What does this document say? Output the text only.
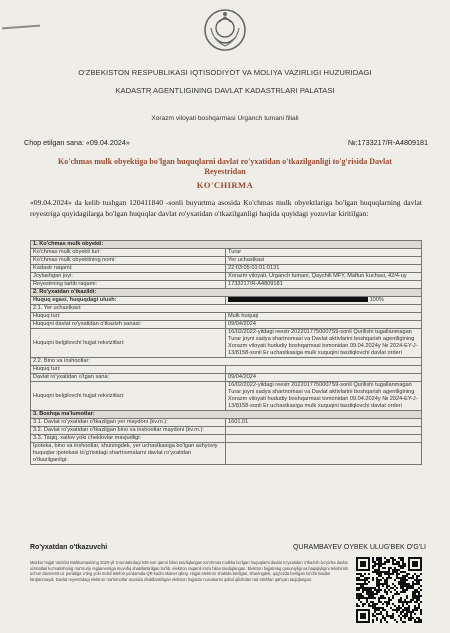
O'ZBEKISTON RESPUBLIKASI IQTISODIYOT VA MOLIYA VAZIRLIGI HUZURIDAGI
KADASTR AGENTLIGINING DAVLAT KADASTRLARI PALATASI
Xorazm viloyati boshqarmasi Urganch tumani filiali
Chop etilgan sana: «09.04.2024»	№:1733217/R-A4809181
Ko'chmas mulk obyektiga bo'lgan huquqlarni davlat ro'yxatidan o'tkazilganligi to'g'risida Davlat Reyestridan
KO'CHIRMA
«09.04.2024» da kelib tushgan 120411840 -sonli buyurtma asosida Ko'chmas mulk obyektlariga bo'lgan huquqlarning davlat reyestriga quyidagilarga bo'lgan huquqlar davlat ro'yxatidan o'tkazilganligi haqida quyidagi yozuvlar kiritilgan:
1. Ko'chmas mulk obyekti:	
Ko'chmas mulk obyekti turi:	Turar
Ko'chmas mulk obyektining nomi:	Yer uchastkasi
Kadastr raqami:	22:03:05:01:01:0131
Joylashgan joyi:	Xorazm viloyati, Urganch tumani, Qaychili MFY, Maftun kuchasi, 42/4-uy
Reyestrning tartib raqami:	1733217/R-A4809181
2. Ro'yxatdan o'tkazildi:	
Huquq egasi, huquqdagi ulush:	100%
2.1. Yer uchastkasi:	
Huquq turi:	Mulk huquqi
Huquqni davlat ro'yxatidan o'tkazish sanasi:	09/04/2024
Huquqni belgilovchi hujjat rekvizitlari:	16/02/2022-yildagi reestr 2022017750007S9-sonli Qurilishi tugallanmagan Turar joyni sadya shartnomasi va Davlat aktivlarini boshqarish agentligining Xorazm viloyati hududiy boshqarmasi tomonidan 09.04.2024y № 2024-EY-J-13/8158-sonli Er uchastkasiga mulk xuquqini tasdiqlovchi davlat orderi
2.2. Bino va inshootlar:	
Huquq turi:	
Davlat ro'yxatidan o'tgan sana:	09/04/2024
Huquqni belgilovchi hujjat rekvizitlari:	16/02/2022-yildagi reestr 2022017750007S9-sonli Qurilishi tugallanmagan Turar joyni sadya shartnomasi va Davlat aktivlarini boshqarish agentligining Xorazm viloyati hududiy boshqarmasi tomonidan 09.04.2024y № 2024-EY-J-13/8158-sonli Er uchastkasiga mulk xuquqini tasdiqlovchi davlat orderi
3. Boshqa ma'lumotlar:	
3.1. Davlat ro'yxatidan o'tkazilgan yer maydoni (kv.m.):	1601.01
3.2. Davlat ro'yxatidan o'tkazilgan bino va inshootlar maydoni (kv.m.):	
3.3. Taqiq, xatlov yoki cheklovlar mavjudligi:	
Ipoteka, bino va inshootlar, shuningdek, yer uchastkasiga bo'lgan ashyoviy huquqlar ipotekasi to'g'risidagi shartnomalarni davlat ro'yxatidan o'tkazilganligi:	
Ro'yxatdan o'tkazuvchi	QURAMBAYEV OYBEK ULUG'BEK O'G'LI
Mazkur hujjat Vazirlar Mahkamasining 2020-yil 2-sentabrdagi 535-son qarori bilan tasdiqlangan Ko'chmas mulkka bo'lgan huquqlarni davlat ro'yxatidan o'tkazish bo'yicha davlat xizmatlari ko'rsatishning ma'muriy reglamentiga muvofiq shakllantirilgan bo'lib, elektron raqamli imzo bilan tasdiqlangan. Elektron hujjatning qonuniyligi va haqiqiyligini tekshirish uchun davreestr.uz portaliga o'ting yoki mobil telefon yordamida QR-kodni skaner qiling. Hujjat elektron shaklda berilgan, shuningdek, qog'ozda berilgan ko'chirmadan farqlanmaydi. Davlat reyestridagi elektron ma'lumotlar asosida shakllantirilgan elektron hujjatlar nusxalarini qabul qilishdan rad etishlari qat'iyan taqiqlangan.
